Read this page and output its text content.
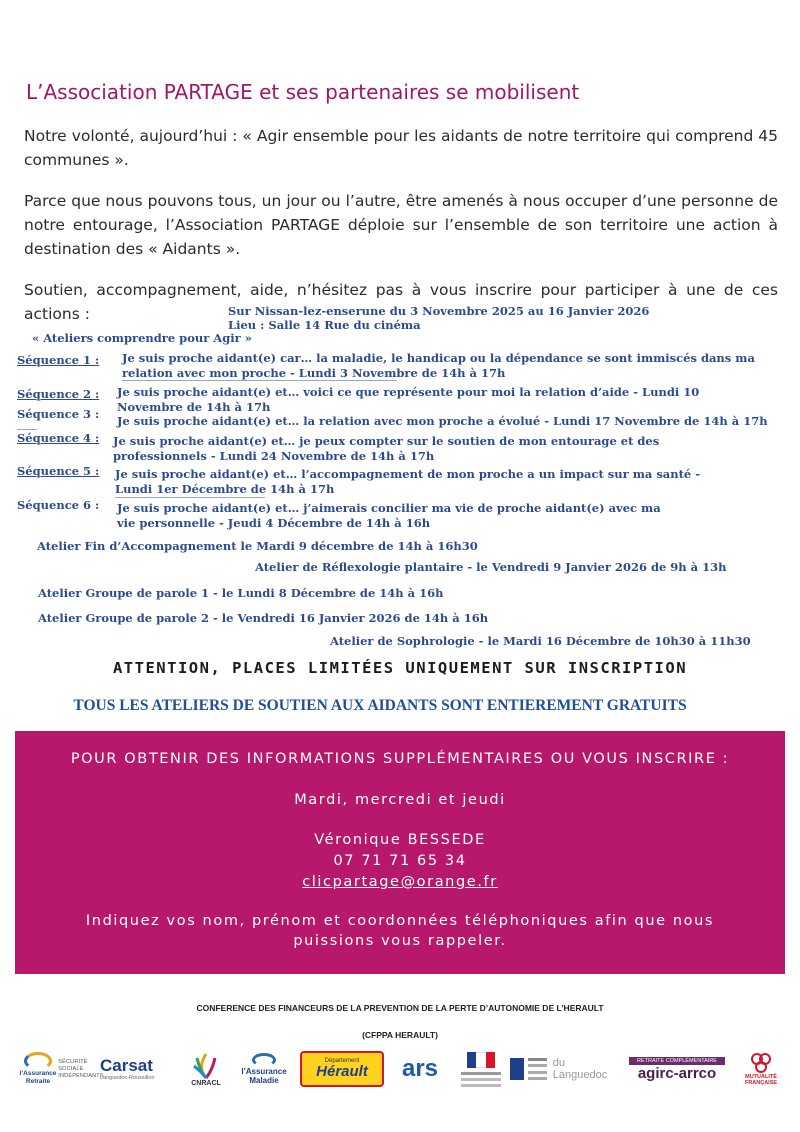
L’Association PARTAGE et ses partenaires se mobilisent
Notre volonté, aujourd’hui : « Agir ensemble pour les aidants de notre territoire qui comprend 45 communes ».
Parce que nous pouvons tous, un jour ou l’autre, être amenés à nous occuper d’une personne de notre entourage, l’Association PARTAGE déploie sur l’ensemble de son territoire une action à destination des « Aidants ».
Soutien, accompagnement, aide, n’hésitez pas à vous inscrire pour participer à une de ces actions :	Sur Nissan-lez-enserune du 3 Novembre 2025 au 16 Janvier 2026
Lieu : Salle 14 Rue du cinéma
« Ateliers comprendre pour Agir »
Séquence 1 : Je suis proche aidant(e) car… la maladie, le handicap ou la dépendance se sont immiscés dans ma relation avec mon proche - Lundi 3 Novembre de 14h à 17h
Séquence 2 : Je suis proche aidant(e) et… voici ce que représente pour moi la relation d’aide - Lundi 10 Novembre de 14h à 17h
Séquence 3 : Je suis proche aidant(e) et… la relation avec mon proche a évolué - Lundi 17 Novembre de 14h à 17h
Séquence 4 : Je suis proche aidant(e) et… je peux compter sur le soutien de mon entourage et des professionnels - Lundi 24 Novembre de 14h à 17h
Séquence 5 : Je suis proche aidant(e) et… l’accompagnement de mon proche a un impact sur ma santé - Lundi 1er Décembre de 14h à 17h
Séquence 6 : Je suis proche aidant(e) et… j’aimerais concilier ma vie de proche aidant(e) avec ma vie personnelle - Jeudi 4 Décembre de 14h à 16h
Atelier Fin d’Accompagnement le Mardi 9 décembre de 14h à 16h30
Atelier de Réflexologie plantaire - le Vendredi 9 Janvier 2026 de 9h à 13h
Atelier Groupe de parole 1 - le Lundi 8 Décembre de 14h à 16h
Atelier Groupe de parole 2 - le Vendredi 16 Janvier 2026 de 14h à 16h
Atelier de Sophrologie - le Mardi 16 Décembre de 10h30 à 11h30
ATTENTION, PLACES LIMITÉES UNIQUEMENT SUR INSCRIPTION
TOUS LES ATELIERS DE SOUTIEN AUX AIDANTS SONT ENTIEREMENT GRATUITS
POUR OBTENIR DES INFORMATIONS SUPPLÉMENTAIRES OU VOUS INSCRIRE :
Mardi, mercredi et jeudi
Véronique BESSEDE
07 71 71 65 34
clicpartage@orange.fr
Indiquez vos nom, prénom et coordonnées téléphoniques afin que nous
puissions vous rappeler.
CONFERENCE DES FINANCEURS DE LA PREVENTION DE LA PERTE D’AUTONOMIE DE L’HERAULT
(CFPPA HERAULT)
l’Assurance Retraite
SÉCURITÉ SOCIALE INDÉPENDANTS
Carsat
Languedoc-Roussillon
CNRACL
l’Assurance Maladie
Département
Hérault ars	du Languedoc
RETRAITE COMPLÉMENTAIRE
agirc-arrco	MUTUALITÉ FRANÇAISE
